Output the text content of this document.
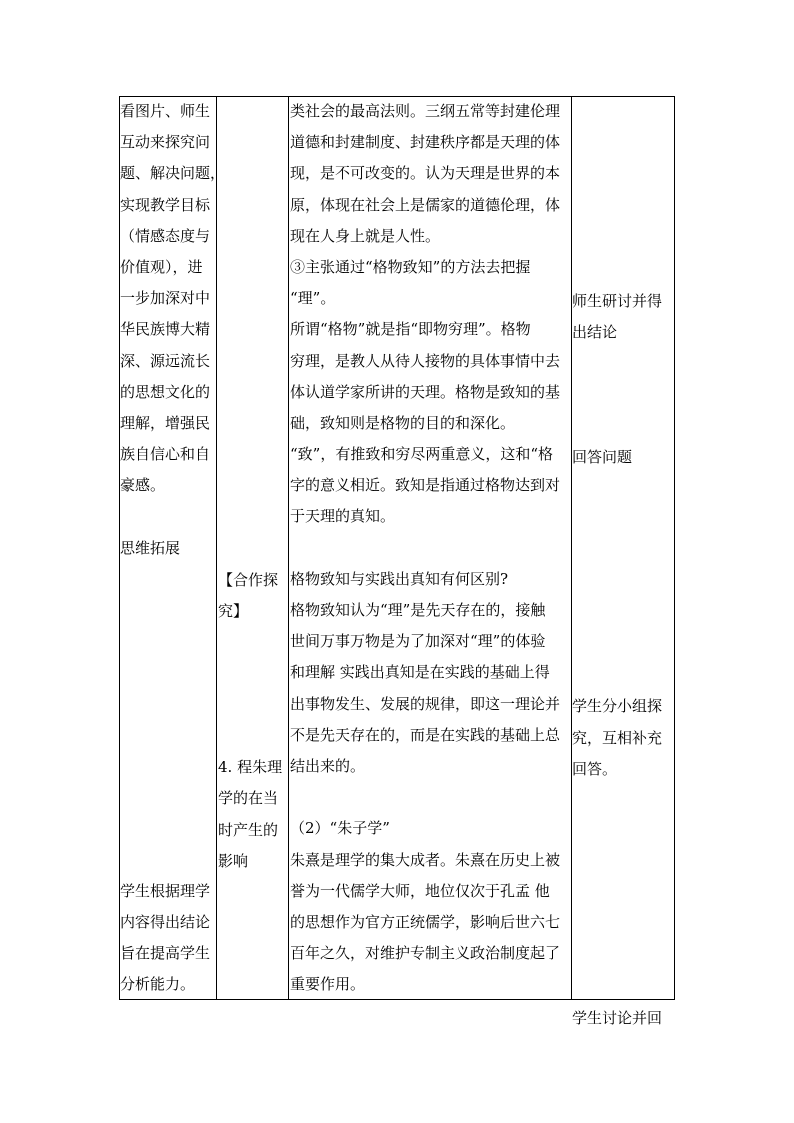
看图片、师生

互动来探究问

题、解决问题，

实现教学目标

（情感态度与

价值观），进

一步加深对中

华民族博大精

深、源远流长

的思想文化的

理解，增强民

族自信心和自

豪感。

思维拓展

学生根据理学

内容得出结论

旨在提高学生

分析能力。

【合作探

究】

4. 程朱理

学的在当

时产生的

影响

类社会的最高法则。三纲五常等封建伦理

道德和封建制度、封建秩序都是天理的体

现，是不可改变的。认为天理是世界的本

原，体现在社会上是儒家的道德伦理，体

现在人身上就是人性。

③主张通过“格物致知”的方法去把握

“理”。

所谓“格物”就是指“即物穷理”。格物

穷理，是教人从待人接物的具体事情中去

体认道学家所讲的天理。格物是致知的基

础，致知则是格物的目的和深化。

“致”，有推致和穷尽两重意义，这和“格

字的意义相近。致知是指通过格物达到对

于天理的真知。

格物致知与实践出真知有何区别?

格物致知认为“理”是先天存在的，接触

世间万事万物是为了加深对“理”的体验

和理解 实践出真知是在实践的基础上得

出事物发生、发展的规律，即这一理论并

不是先天存在的，而是在实践的基础上总

结出来的。

（2）“朱子学”

朱熹是理学的集大成者。朱熹在历史上被

誉为一代儒学大师，地位仅次于孔孟 他

的思想作为官方正统儒学，影响后世六七

百年之久，对维护专制主义政治制度起了

重要作用。

师生研讨并得

出结论

回答问题

学生分小组探

究，互相补充

回答。

学生讨论并回
